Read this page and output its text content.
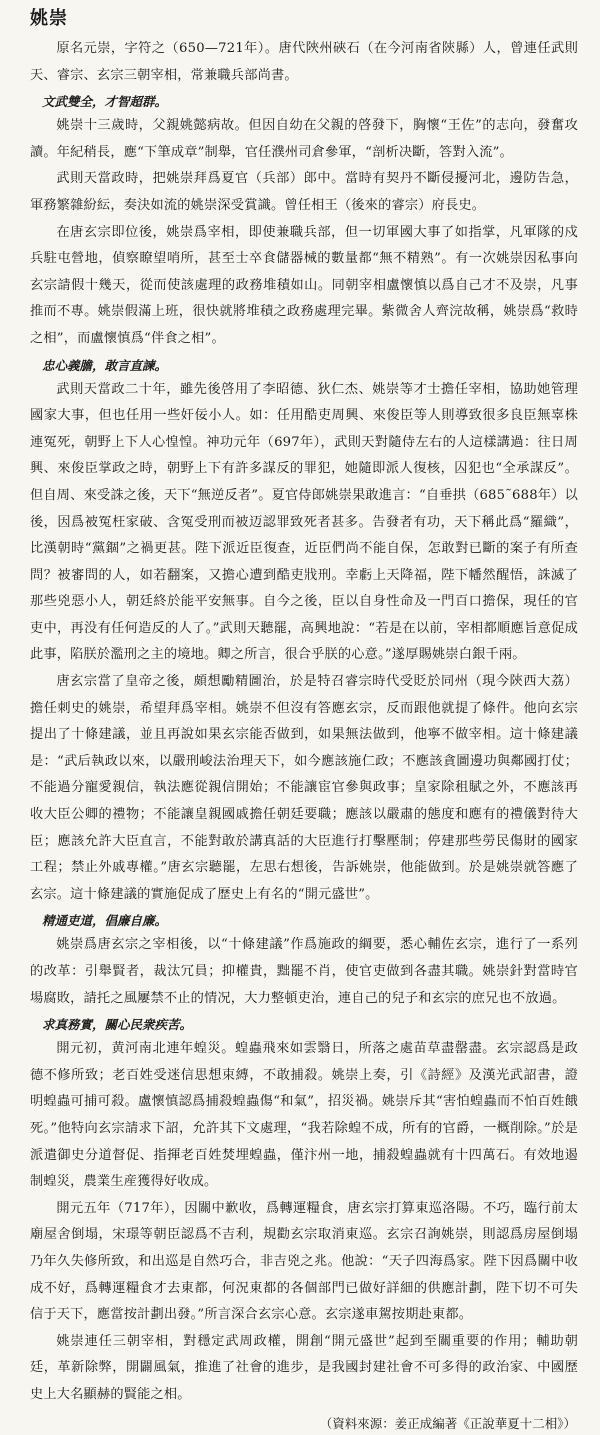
姚崇

原名元崇，字符之（650—721年）。唐代陜州硤石（在今河南省陝縣）人，曾連任武則天、睿宗、玄宗三朝宰相，常兼職兵部尚書。

文武雙全，才智超群。

姚崇十三歲時，父親姚懿病故。但因自幼在父親的啓發下，胸懷“王佐”的志向，發奮攻讀。年紀稍長，應“下筆成章”制舉，官任濮州司倉參軍，“剖析决斷，答對入流”。

武則天當政時，把姚崇拜爲夏官（兵部）郎中。當時有契丹不斷侵擾河北，邊防告急，軍務繁雜紛紜，奏決如流的姚崇深受賞識。曾任相王（後來的睿宗）府長史。

在唐玄宗即位後，姚崇爲宰相，即使兼職兵部，但一切軍國大事了如指掌，凡軍隊的戍兵駐屯營地，偵察瞭望哨所，甚至士卒食儲器械的數量都“無不精熟”。有一次姚崇因私事向玄宗請假十幾天，從而使該處理的政務堆積如山。同朝宰相盧懷慎以爲自己才不及崇，凡事推而不專。姚崇假滿上班，很快就將堆積之政務處理完畢。紫微舍人齊浣故稱，姚崇爲“救時之相”，而盧懷慎爲“伴食之相”。

忠心義膽，敢言直諫。

武則天當政二十年，雖先後啓用了李昭德、狄仁杰、姚崇等才士擔任宰相，協助她管理國家大事，但也任用一些奸佞小人。如：任用酷吏周興、來俊臣等人則導致很多良臣無辜株連冤死，朝野上下人心惶惶。神功元年（697年），武則天對隨侍左右的人這樣講過：往日周興、來俊臣掌政之時，朝野上下有許多謀反的罪犯，她隨即派人復核，囚犯也“全承謀反”。但自周、來受誅之後，天下“無逆反者”。夏官侍郎姚崇果敢進言：“自垂拱（685˜688年）以後，因爲被冤枉家破、含冤受刑而被迈認罪致死者甚多。告發者有功，天下稱此爲“羅織”，比漢朝時“黨錮”之禍更甚。陛下派近臣復查，近臣們尚不能自保，怎敢對已斷的案子有所查問？被審問的人，如若翻案，又擔心遭到酷吏戕刑。幸虧上天降福，陛下幡然醒悟，誅滅了那些兇惡小人，朝廷終於能平安無事。自今之後，臣以自身性命及一門百口擔保，現任的官吏中，再没有任何造反的人了。”武則天聽罷，高興地說：“若是在以前，宰相都順應旨意促成此事，陷朕於濫刑之主的境地。卿之所言，很合乎朕的心意。”遂厚賜姚崇白銀千兩。

唐玄宗當了皇帝之後，頗想勵精圖治，於是特召睿宗時代受貶於同州（現今陝西大荔）擔任刺史的姚崇，希望拜爲宰相。姚崇不但沒有答應玄宗，反而跟他就提了條件。他向玄宗提出了十條建議，並且再說如果玄宗能否做到，如果無法做到，他寧不做宰相。這十條建議是：“武后執政以來，以嚴刑峻法治理天下，如今應該施仁政；不應該貪圖邊功與鄰國打仗；不能過分寵愛親信，執法應從親信開始；不能讓宦官參與政事；皇家除租賦之外，不應該再收大臣公卿的禮物；不能讓皇親國戚擔任朝廷要職；應該以嚴肅的態度和應有的禮儀對待大臣；應該允許大臣直言，不能對敢於講真話的大臣進行打擊壓制；停建那些勞民傷財的國家工程；禁止外戚專權。”唐玄宗聽罷，左思右想後，告訴姚崇，他能做到。於是姚崇就答應了玄宗。這十條建議的實施促成了歷史上有名的“開元盛世”。

精通吏道，倡廉自廉。

姚崇爲唐玄宗之宰相後，以“十條建議”作爲施政的綱要，悉心輔佐玄宗，進行了一系列的改革：引舉賢者，裁汰冗員；抑權貴，黜罷不肖，使官吏做到各盡其職。姚崇針對當時官場腐敗，請托之風屢禁不止的情况，大力整頓吏治，連自己的兒子和玄宗的庶兄也不放過。

求真務實，關心民衆疾苦。

開元初，黄河南北連年蝗災。蝗蟲飛來如雲翳日，所落之處苗草盡罄盡。玄宗認爲是政德不修所致；老百姓受迷信思想束縛，不敢捕殺。姚崇上奏，引《詩經》及漢光武詔書，證明蝗蟲可捕可殺。盧懷慎認爲捕殺蝗蟲傷“和氣”，招災禍。姚崇斥其“害怕蝗蟲而不怕百姓餓死。”他特向玄宗請求下詔，允許其下文處理，“我若除蝗不成，所有的官爵，一概削除。”於是派遣御史分道督促、指揮老百姓焚埋蝗蟲，僅汴州一地，捕殺蝗蟲就有十四萬石。有效地遏制蝗災，農業生産獲得好收成。

開元五年（717年），因關中歉收，爲轉運糧食，唐玄宗打算東巡洛陽。不巧，臨行前太廟屋舍倒塌，宋璟等朝臣認爲不吉利，規勸玄宗取消東巡。玄宗召詢姚崇，則認爲房屋倒塌乃年久失修所致，和出巡是自然巧合，非吉兇之兆。他說：“天子四海爲家。陛下因爲關中收成不好，爲轉運糧食才去東都，何況東都的各個部門已做好詳細的供應計劃，陛下切不可失信于天下，應當按計劃出發。”所言深合玄宗心意。玄宗遂車駕按期赴東都。

姚崇連任三朝宰相，對穩定武周政權，開創“開元盛世”起到至關重要的作用；輔助朝廷，革新除弊，開闢風氣，推進了社會的進步，是我國封建社會不可多得的政治家、中國歷史上大名顯赫的賢能之相。

（資料來源：姜正成編著《正說華夏十二相》）
